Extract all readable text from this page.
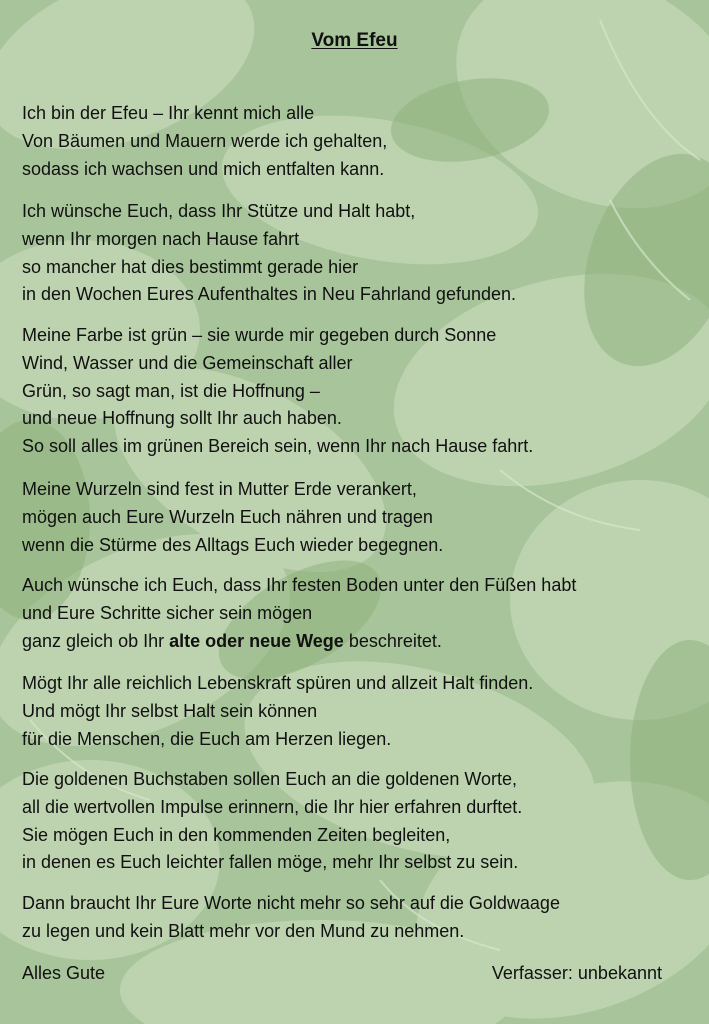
Vom Efeu
Ich bin der Efeu – Ihr kennt mich alle
Von Bäumen und Mauern werde ich gehalten,
sodass ich wachsen und mich entfalten kann.
Ich wünsche Euch, dass Ihr Stütze und Halt habt,
wenn Ihr morgen nach Hause fahrt
so mancher hat dies bestimmt gerade hier
in den Wochen Eures Aufenthaltes in Neu Fahrland gefunden.
Meine Farbe ist grün – sie wurde mir gegeben durch Sonne
Wind, Wasser und die Gemeinschaft aller
Grün, so sagt man, ist die Hoffnung –
und neue Hoffnung sollt Ihr auch haben.
So soll alles im grünen Bereich sein, wenn Ihr nach Hause fahrt.
Meine Wurzeln sind fest in Mutter Erde verankert,
mögen auch Eure Wurzeln Euch nähren und tragen
wenn die Stürme des Alltags Euch wieder begegnen.
Auch wünsche ich Euch, dass Ihr festen Boden unter den Füßen habt
und Eure Schritte sicher sein mögen
ganz gleich ob Ihr alte oder neue Wege beschreitet.
Mögt Ihr alle reichlich Lebenskraft spüren und allzeit Halt finden.
Und mögt Ihr selbst Halt sein können
für die Menschen, die Euch am Herzen liegen.
Die goldenen Buchstaben sollen Euch an die goldenen Worte,
all die wertvollen Impulse erinnern, die Ihr hier erfahren durftet.
Sie mögen Euch in den kommenden Zeiten begleiten,
in denen es Euch leichter fallen möge, mehr Ihr selbst zu sein.
Dann braucht Ihr Eure Worte nicht mehr so sehr auf die Goldwaage
zu legen und kein Blatt mehr vor den Mund zu nehmen.
Alles Gute	Verfasser: unbekannt
